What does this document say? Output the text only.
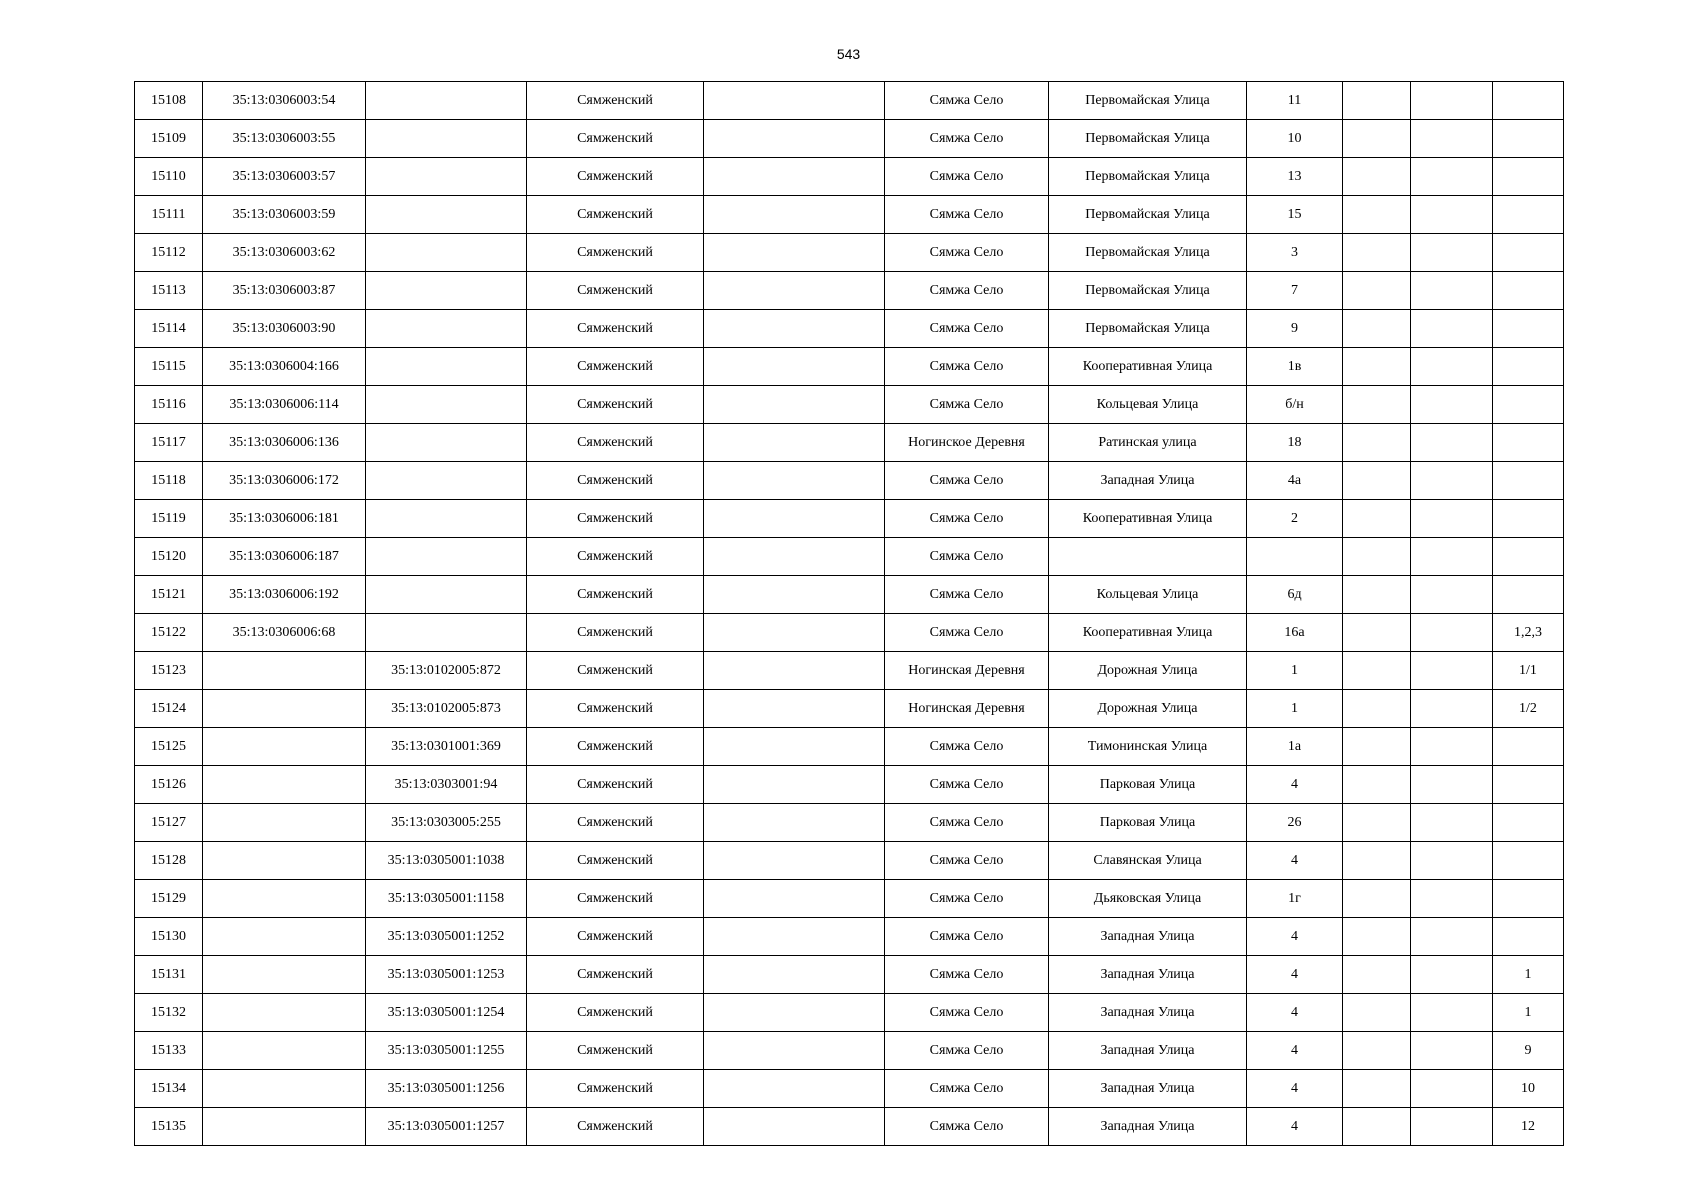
543
15108	35:13:0306003:54		Сямженский		Сямжа Село	Первомайская Улица	11			
15109	35:13:0306003:55		Сямженский		Сямжа Село	Первомайская Улица	10			
15110	35:13:0306003:57		Сямженский		Сямжа Село	Первомайская Улица	13			
15111	35:13:0306003:59		Сямженский		Сямжа Село	Первомайская Улица	15			
15112	35:13:0306003:62		Сямженский		Сямжа Село	Первомайская Улица	3			
15113	35:13:0306003:87		Сямженский		Сямжа Село	Первомайская Улица	7			
15114	35:13:0306003:90		Сямженский		Сямжа Село	Первомайская Улица	9			
15115	35:13:0306004:166		Сямженский		Сямжа Село	Кооперативная Улица	1в			
15116	35:13:0306006:114		Сямженский		Сямжа Село	Кольцевая Улица	б/н			
15117	35:13:0306006:136		Сямженский		Ногинское Деревня	Ратинская улица	18			
15118	35:13:0306006:172		Сямженский		Сямжа Село	Западная Улица	4а			
15119	35:13:0306006:181		Сямженский		Сямжа Село	Кооперативная Улица	2			
15120	35:13:0306006:187		Сямженский		Сямжа Село					
15121	35:13:0306006:192		Сямженский		Сямжа Село	Кольцевая Улица	6д			
15122	35:13:0306006:68		Сямженский		Сямжа Село	Кооперативная Улица	16а			1,2,3
15123		35:13:0102005:872	Сямженский		Ногинская Деревня	Дорожная Улица	1			1/1
15124		35:13:0102005:873	Сямженский		Ногинская Деревня	Дорожная Улица	1			1/2
15125		35:13:0301001:369	Сямженский		Сямжа Село	Тимонинская Улица	1а			
15126		35:13:0303001:94	Сямженский		Сямжа Село	Парковая Улица	4			
15127		35:13:0303005:255	Сямженский		Сямжа Село	Парковая Улица	26			
15128		35:13:0305001:1038	Сямженский		Сямжа Село	Славянская Улица	4			
15129		35:13:0305001:1158	Сямженский		Сямжа Село	Дьяковская Улица	1г			
15130		35:13:0305001:1252	Сямженский		Сямжа Село	Западная Улица	4			
15131		35:13:0305001:1253	Сямженский		Сямжа Село	Западная Улица	4			1
15132		35:13:0305001:1254	Сямженский		Сямжа Село	Западная Улица	4			1
15133		35:13:0305001:1255	Сямженский		Сямжа Село	Западная Улица	4			9
15134		35:13:0305001:1256	Сямженский		Сямжа Село	Западная Улица	4			10
15135		35:13:0305001:1257	Сямженский		Сямжа Село	Западная Улица	4			12
